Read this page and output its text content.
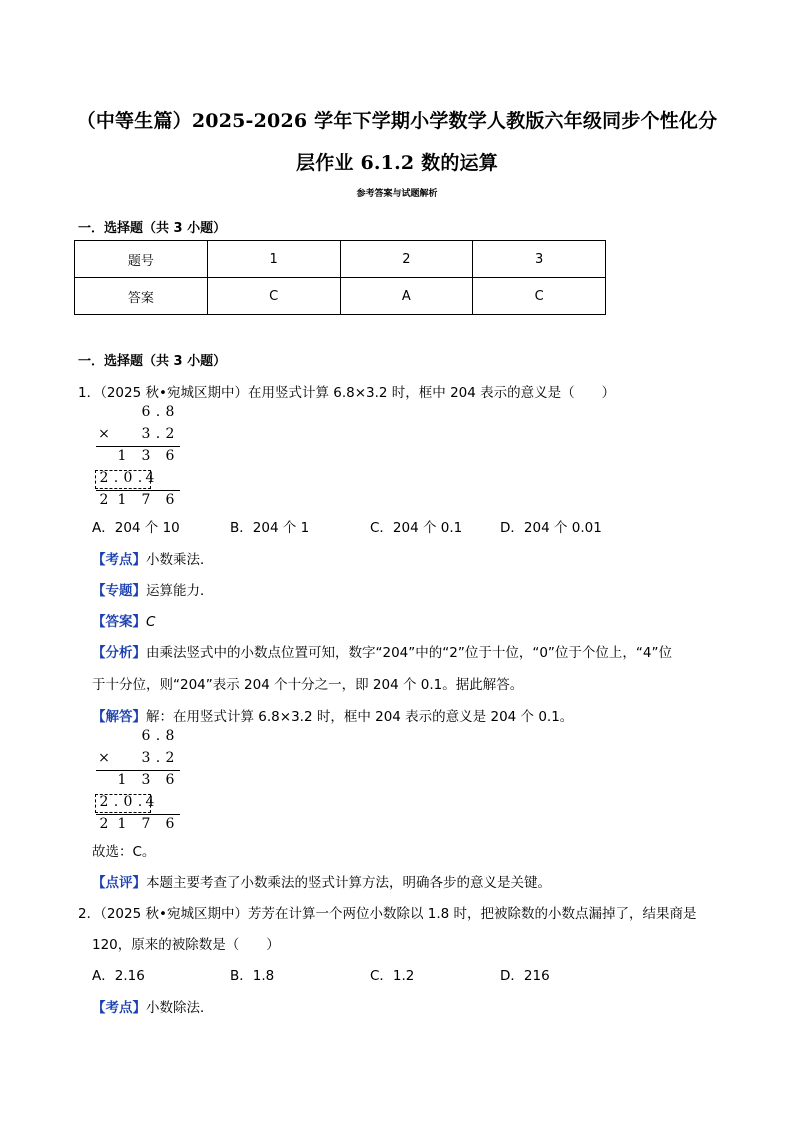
（中等生篇）2025-2026 学年下学期小学数学人教版六年级同步个性化分
层作业 6.1.2 数的运算
参考答案与试题解析
一．选择题（共 3 小题）
题号	1	2	3
答案	C	A	C
一．选择题（共 3 小题）
1．（2025 秋•宛城区期中）在用竖式计算 6.8×3.2 时，框中 204 表示的意义是（　　）
6 . 8
× 3 . 2
1 3 6
2 . 0 . 4
2 1 7 6
A．204 个 10	B．204 个 1	C．204 个 0.1	D．204 个 0.01
【考点】小数乘法．
【专题】运算能力．
【答案】C
【分析】由乘法竖式中的小数点位置可知，数字“204”中的“2”位于十位，“0”位于个位上，“4”位
于十分位，则“204”表示 204 个十分之一，即 204 个 0.1。据此解答。
【解答】解：在用竖式计算 6.8×3.2 时，框中 204 表示的意义是 204 个 0.1。
6 . 8
× 3 . 2
1 3 6
2 . 0 . 4
2 1 7 6
故选：C。
【点评】本题主要考查了小数乘法的竖式计算方法，明确各步的意义是关键。
2．（2025 秋•宛城区期中）芳芳在计算一个两位小数除以 1.8 时，把被除数的小数点漏掉了，结果商是
120，原来的被除数是（　　）
A．2.16	B．1.8	C．1.2	D．216
【考点】小数除法．
